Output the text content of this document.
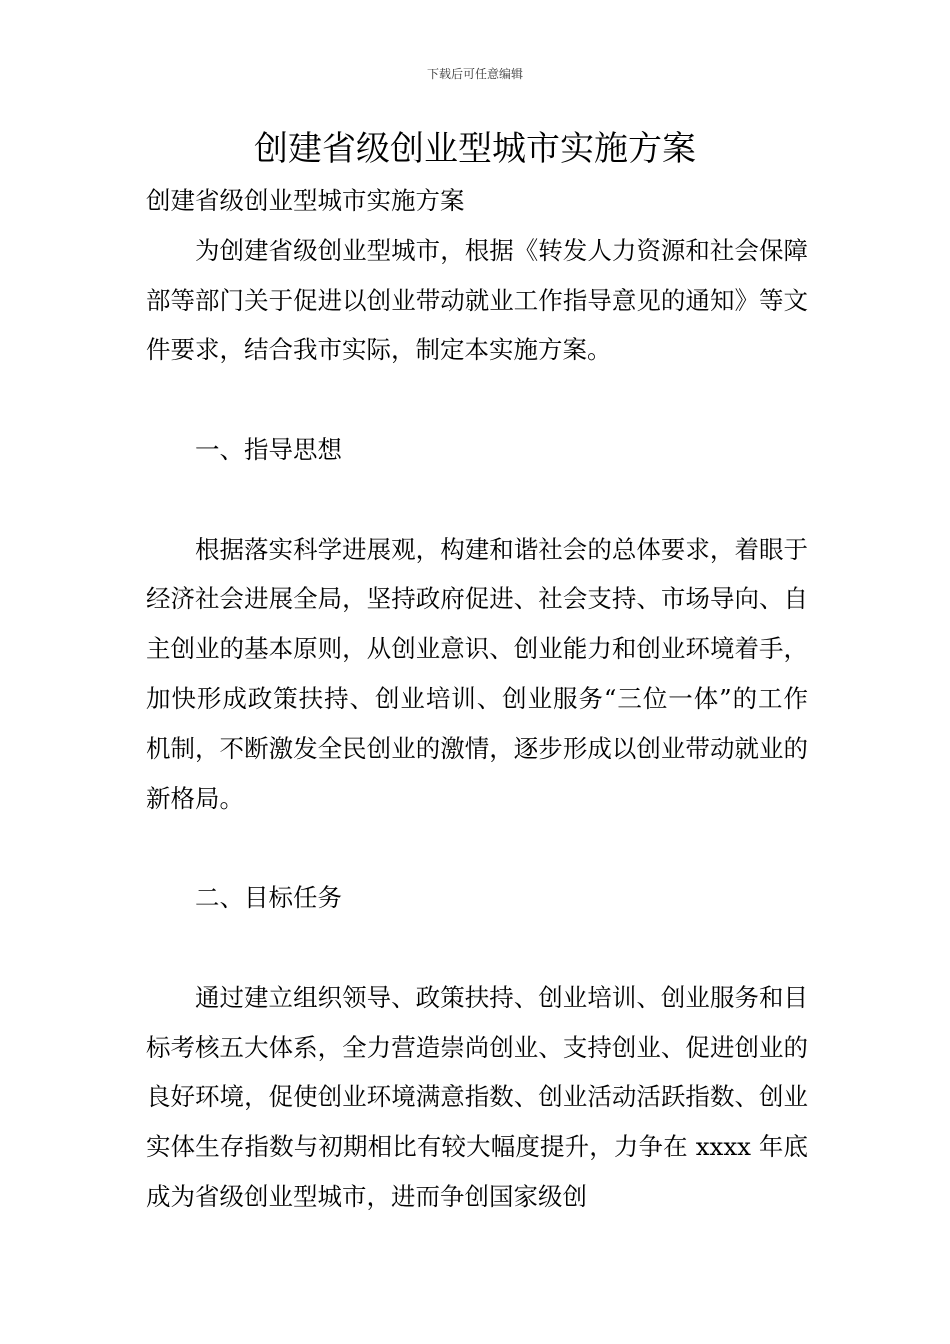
下载后可任意编辑
创建省级创业型城市实施方案

创建省级创业型城市实施方案

为创建省级创业型城市，根据《转发人力资源和社会保障部等部门关于促进以创业带动就业工作指导意见的通知》等文件要求，结合我市实际，制定本实施方案。

一、指导思想

根据落实科学进展观，构建和谐社会的总体要求，着眼于经济社会进展全局，坚持政府促进、社会支持、市场导向、自主创业的基本原则，从创业意识、创业能力和创业环境着手，加快形成政策扶持、创业培训、创业服务“三位一体”的工作机制，不断激发全民创业的激情，逐步形成以创业带动就业的新格局。

二、目标任务

通过建立组织领导、政策扶持、创业培训、创业服务和目标考核五大体系，全力营造崇尚创业、支持创业、促进创业的良好环境，促使创业环境满意指数、创业活动活跃指数、创业实体生存指数与初期相比有较大幅度提升，力争在 xxxx 年底成为省级创业型城市，进而争创国家级创
